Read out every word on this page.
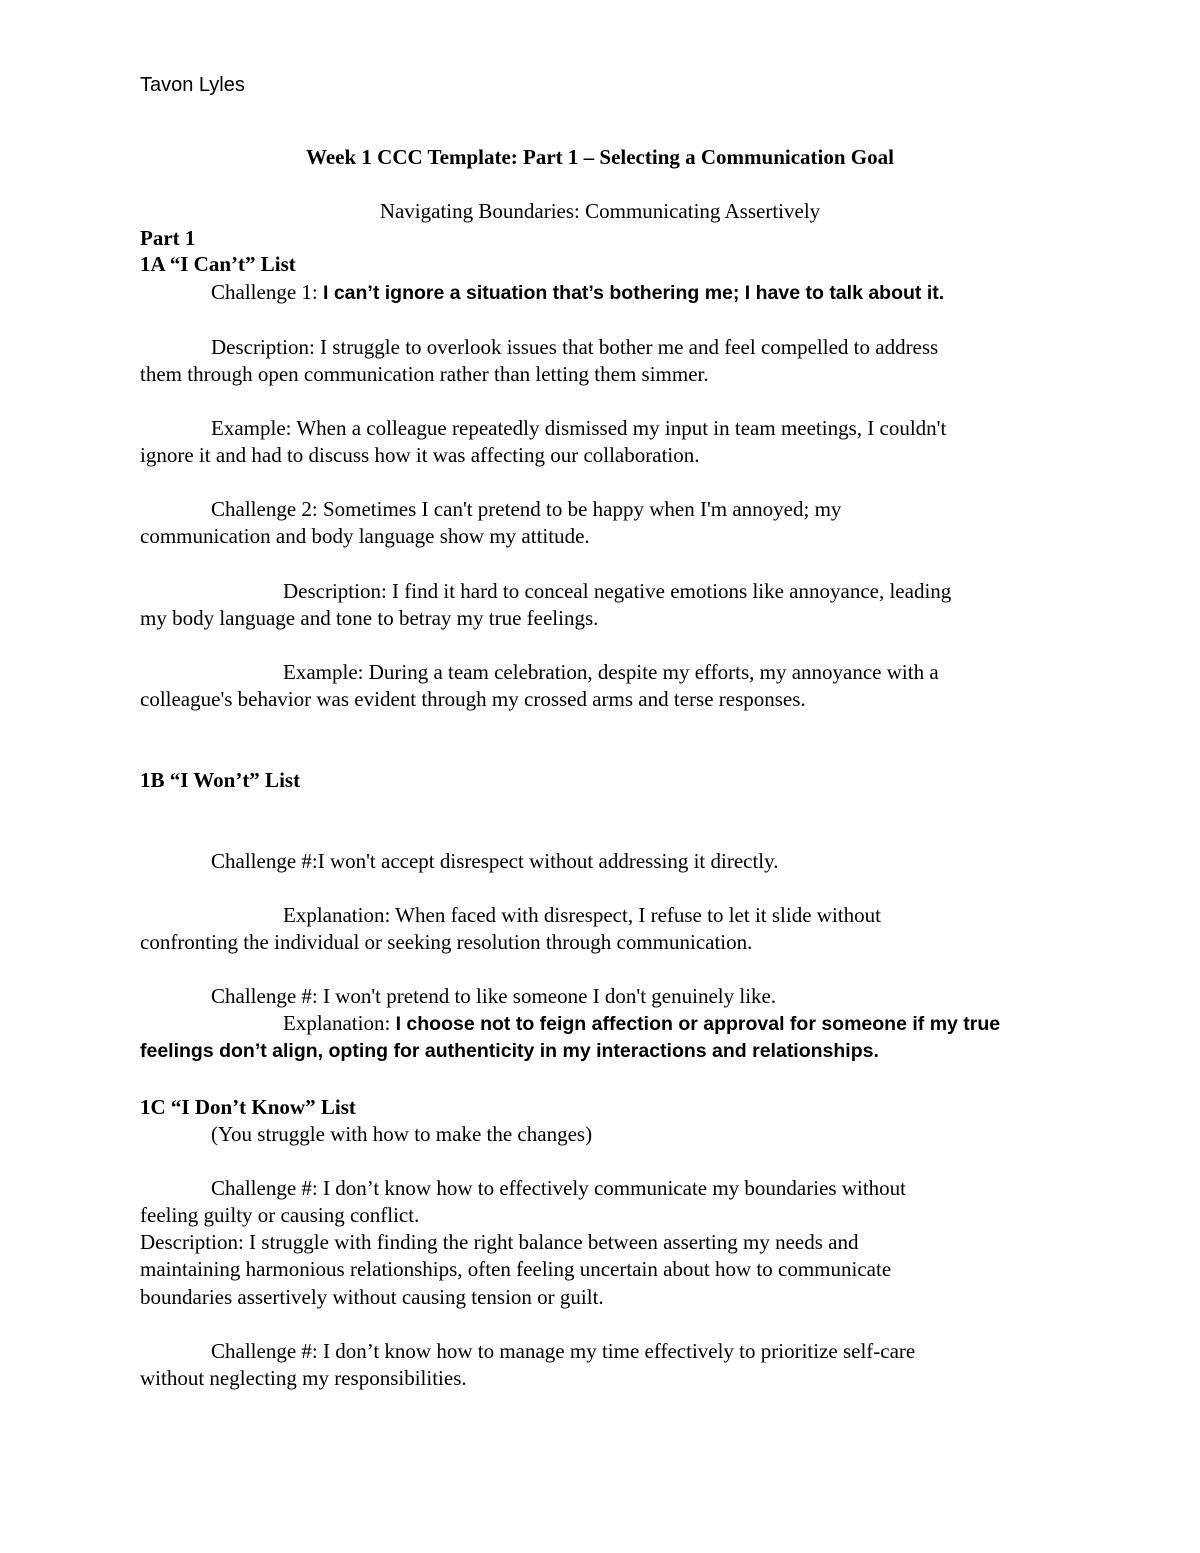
Tavon Lyles

Week 1 CCC Template: Part 1 – Selecting a Communication Goal

Navigating Boundaries: Communicating Assertively

Part 1

1A “I Can’t” List

Challenge 1: I can’t ignore a situation that’s bothering me; I have to talk about it.

Description: I struggle to overlook issues that bother me and feel compelled to address

them through open communication rather than letting them simmer.

Example: When a colleague repeatedly dismissed my input in team meetings, I couldn't

ignore it and had to discuss how it was affecting our collaboration.

Challenge 2: Sometimes I can't pretend to be happy when I'm annoyed; my

communication and body language show my attitude.

Description: I find it hard to conceal negative emotions like annoyance, leading

my body language and tone to betray my true feelings.

Example: During a team celebration, despite my efforts, my annoyance with a

colleague's behavior was evident through my crossed arms and terse responses.

1B “I Won’t” List

Challenge #:I won't accept disrespect without addressing it directly.

Explanation: When faced with disrespect, I refuse to let it slide without

confronting the individual or seeking resolution through communication.

Challenge #: I won't pretend to like someone I don't genuinely like.

Explanation: I choose not to feign affection or approval for someone if my true

feelings don’t align, opting for authenticity in my interactions and relationships.

1C “I Don’t Know” List

(You struggle with how to make the changes)

Challenge #: I don’t know how to effectively communicate my boundaries without

feeling guilty or causing conflict.

Description: I struggle with finding the right balance between asserting my needs and

maintaining harmonious relationships, often feeling uncertain about how to communicate

boundaries assertively without causing tension or guilt.

Challenge #: I don’t know how to manage my time effectively to prioritize self-care

without neglecting my responsibilities.
